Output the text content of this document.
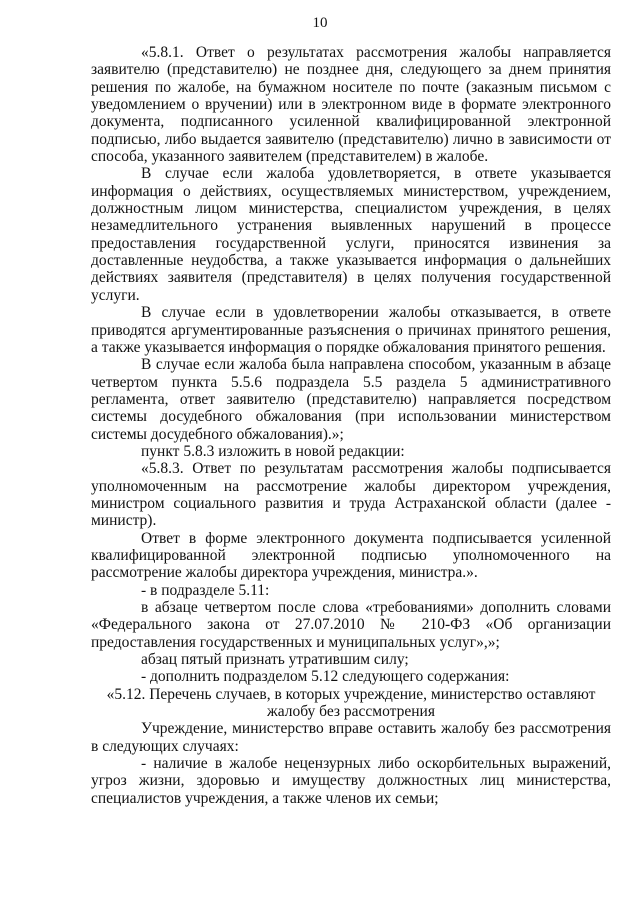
10

«5.8.1. Ответ о результатах рассмотрения жалобы направляется заявителю (представителю) не позднее дня, следующего за днем принятия решения по жалобе, на бумажном носителе по почте (заказным письмом с уведомлением о вручении) или в электронном виде в формате электронного документа, подписанного усиленной квалифицированной электронной подписью, либо выдается заявителю (представителю) лично в зависимости от способа, указанного заявителем (представителем) в жалобе.

В случае если жалоба удовлетворяется, в ответе указывается информация о действиях, осуществляемых министерством, учреждением, должностным лицом министерства, специалистом учреждения, в целях незамедлительного устранения выявленных нарушений в процессе предоставления государственной услуги, приносятся извинения за доставленные неудобства, а также указывается информация о дальнейших действиях заявителя (представителя) в целях получения государственной услуги.

В случае если в удовлетворении жалобы отказывается, в ответе приводятся аргументированные разъяснения о причинах принятого решения, а также указывается информация о порядке обжалования принятого решения.

В случае если жалоба была направлена способом, указанным в абзаце четвертом пункта 5.5.6 подраздела 5.5 раздела 5 административного регламента, ответ заявителю (представителю) направляется посредством системы досудебного обжалования (при использовании министерством системы досудебного обжалования).»;

пункт 5.8.3 изложить в новой редакции:

«5.8.3. Ответ по результатам рассмотрения жалобы подписывается уполномоченным на рассмотрение жалобы директором учреждения, министром социального развития и труда Астраханской области (далее - министр).

Ответ в форме электронного документа подписывается усиленной квалифицированной электронной подписью уполномоченного на рассмотрение жалобы директора учреждения, министра.».

- в подразделе 5.11:

в абзаце четвертом после слова «требованиями» дополнить словами «Федерального закона от 27.07.2010 № 210-ФЗ «Об организации предоставления государственных и муниципальных услуг»,»;

абзац пятый признать утратившим силу;

- дополнить подразделом 5.12 следующего содержания:

«5.12. Перечень случаев, в которых учреждение, министерство оставляют
жалобу без рассмотрения

Учреждение, министерство вправе оставить жалобу без рассмотрения в следующих случаях:

- наличие в жалобе нецензурных либо оскорбительных выражений, угроз жизни, здоровью и имуществу должностных лиц министерства, специалистов учреждения, а также членов их семьи;
